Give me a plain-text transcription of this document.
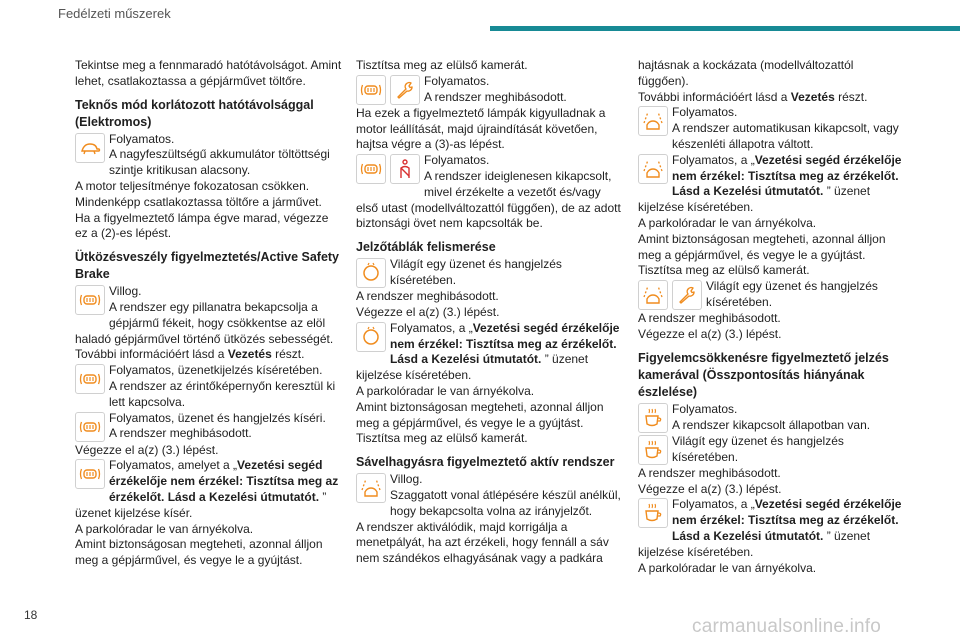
Fedélzeti műszerek

Tekintse meg a fennmaradó hatótávolságot. Amint lehet, csatlakoztassa a gépjárművet töltőre.

Teknős mód korlátozott hatótávolsággal (Elektromos)
Folyamatos.
A nagyfeszültségű akkumulátor töltöttségi szintje kritikusan alacsony.

A motor teljesítménye fokozatosan csökken.

Mindenképp csatlakoztassa töltőre a járművet.

Ha a figyelmeztető lámpa égve marad, végezze ez a (2)-es lépést.

Ütközésveszély figyelmeztetés/Active Safety Brake
Villog.
A rendszer egy pillanatra bekapcsolja a gépjármű fékeit, hogy csökkentse az elöl haladó gépjárművel történő ütközés sebességét.

További információért lásd a Vezetés részt.

Folyamatos, üzenetkijelzés kíséretében.
A rendszer az érintőképernyőn keresztül ki lett kapcsolva.
Folyamatos, üzenet és hangjelzés kíséri.
A rendszer meghibásodott.

Végezze el a(z) (3.) lépést.

Folyamatos, amelyet a „Vezetési segéd érzékelője nem érzékel: Tisztítsa meg az érzékelőt. Lásd a Kezelési útmutatót. ” üzenet kijelzése kísér.

A parkolóradar le van árnyékolva.

Amint biztonságosan megteheti, azonnal álljon meg a gépjárművel, és vegye le a gyújtást.

Tisztítsa meg az elülső kamerát.

Folyamatos.
A rendszer meghibásodott.

Ha ezek a figyelmeztető lámpák kigyulladnak a motor leállítását, majd újraindítását követően, hajtsa végre a (3)-as lépést.

Folyamatos.
A rendszer ideiglenesen kikapcsolt, mivel érzékelte a vezetőt és/vagy első utast (modellváltozattól függően), de az adott biztonsági övet nem kapcsolták be.
Jelzőtáblák felismerése
Világít egy üzenet és hangjelzés kíséretében.

A rendszer meghibásodott.

Végezze el a(z) (3.) lépést.

Folyamatos, a „Vezetési segéd érzékelője nem érzékel: Tisztítsa meg az érzékelőt. Lásd a Kezelési útmutatót. ” üzenet kijelzése kíséretében.

A parkolóradar le van árnyékolva.

Amint biztonságosan megteheti, azonnal álljon meg a gépjárművel, és vegye le a gyújtást.

Tisztítsa meg az elülső kamerát.

Sávelhagyásra figyelmeztető aktív rendszer
Villog.
Szaggatott vonal átlépésére készül anélkül, hogy bekapcsolta volna az irányjelzőt.

A rendszer aktiválódik, majd korrigálja a menetpályát, ha azt érzékeli, hogy fennáll a sáv nem szándékos elhagyásának vagy a padkára

hajtásnak a kockázata (modellváltozattól függően).

További információért lásd a Vezetés részt.

Folyamatos.
A rendszer automatikusan kikapcsolt, vagy készenléti állapotra váltott.
Folyamatos, a „Vezetési segéd érzékelője nem érzékel: Tisztítsa meg az érzékelőt. Lásd a Kezelési útmutatót. ” üzenet kijelzése kíséretében.

A parkolóradar le van árnyékolva.

Amint biztonságosan megteheti, azonnal álljon meg a gépjárművel, és vegye le a gyújtást.

Tisztítsa meg az elülső kamerát.

Világít egy üzenet és hangjelzés kíséretében.

A rendszer meghibásodott.

Végezze el a(z) (3.) lépést.

Figyelemcsökkenésre figyelmeztető jelzés kamerával (Összpontosítás hiányának észlelése)
Folyamatos.
A rendszer kikapcsolt állapotban van.
Világít egy üzenet és hangjelzés kíséretében.

A rendszer meghibásodott.

Végezze el a(z) (3.) lépést.

Folyamatos, a „Vezetési segéd érzékelője nem érzékel: Tisztítsa meg az érzékelőt. Lásd a Kezelési útmutatót. ” üzenet kijelzése kíséretében.

A parkolóradar le van árnyékolva.

18
carmanualsonline.info
